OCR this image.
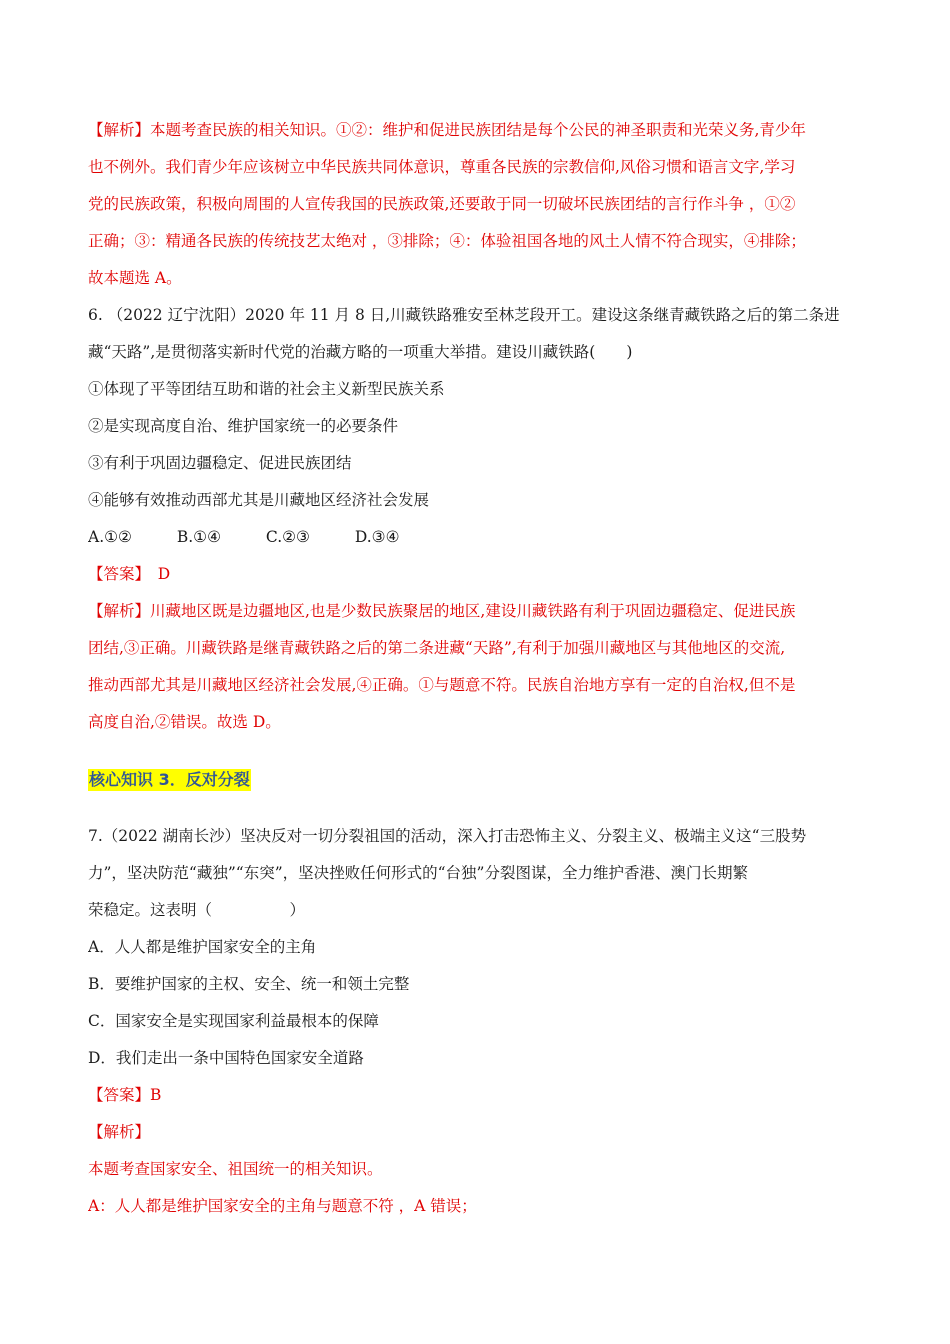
【解析】本题考查民族的相关知识。①②：维护和促进民族团结是每个公民的神圣职责和光荣义务,青少年
也不例外。我们青少年应该树立中华民族共同体意识，尊重各民族的宗教信仰,风俗习惯和语言文字,学习
党的民族政策，积极向周围的人宣传我国的民族政策,还要敢于同一切破坏民族团结的言行作斗争 ，①②
正确；③：精通各民族的传统技艺太绝对 ，③排除；④：体验祖国各地的风土人情不符合现实，④排除；
故本题选 A。
6. （2022 辽宁沈阳）2020 年 11 月 8 日,川藏铁路雅安至林芝段开工。建设这条继青藏铁路之后的第二条进
藏“天路”,是贯彻落实新时代党的治藏方略的一项重大举措。建设川藏铁路(　　)
①体现了平等团结互助和谐的社会主义新型民族关系
②是实现高度自治、维护国家统一的必要条件
③有利于巩固边疆稳定、促进民族团结
④能够有效推动西部尤其是川藏地区经济社会发展
A.①②	B.①④	C.②③	D.③④
【答案】　D
【解析】川藏地区既是边疆地区,也是少数民族聚居的地区,建设川藏铁路有利于巩固边疆稳定、促进民族
团结,③正确。川藏铁路是继青藏铁路之后的第二条进藏“天路”,有利于加强川藏地区与其他地区的交流,
推动西部尤其是川藏地区经济社会发展,④正确。①与题意不符。民族自治地方享有一定的自治权,但不是
高度自治,②错误。故选 D。
核心知识 3．反对分裂
7.（2022 湖南长沙）坚决反对一切分裂祖国的活动，深入打击恐怖主义、分裂主义、极端主义这“三股势
力”，坚决防范“藏独”“东突”，坚决挫败任何形式的“台独”分裂图谋，全力维护香港、澳门长期繁
荣稳定。这表明（　　　　　）
A．人人都是维护国家安全的主角
B．要维护国家的主权、安全、统一和领土完整
C．国家安全是实现国家利益最根本的保障
D．我们走出一条中国特色国家安全道路
【答案】B
【解析】
本题考查国家安全、祖国统一的相关知识。
A：人人都是维护国家安全的主角与题意不符 ，A 错误；
